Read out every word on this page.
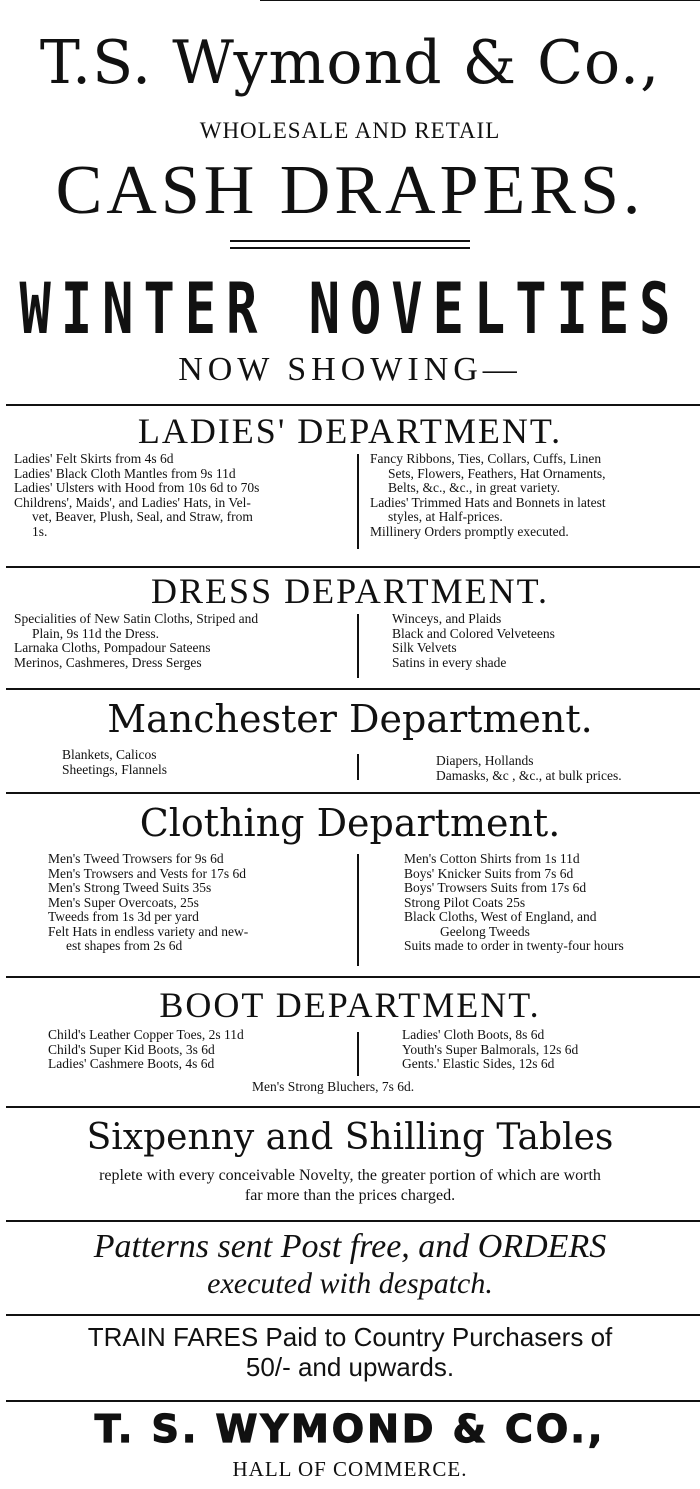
T.S. Wymond & Co.,
WHOLESALE AND RETAIL
CASH DRAPERS.
WINTER NOVELTIES
NOW SHOWING—
LADIES' DEPARTMENT.
Ladies' Felt Skirts from 4s 6d
Ladies' Black Cloth Mantles from 9s 11d
Ladies' Ulsters with Hood from 10s 6d to 70s
Childrens', Maids', and Ladies' Hats, in Vel-
vet, Beaver, Plush, Seal, and Straw, from
1s.
Fancy Ribbons, Ties, Collars, Cuffs, Linen
Sets, Flowers, Feathers, Hat Ornaments,
Belts, &c., &c., in great variety.
Ladies' Trimmed Hats and Bonnets in latest
styles, at Half-prices.
Millinery Orders promptly executed.
DRESS DEPARTMENT.
Specialities of New Satin Cloths, Striped and
Plain, 9s 11d the Dress.
Larnaka Cloths, Pompadour Sateens
Merinos, Cashmeres, Dress Serges
Winceys, and Plaids
Black and Colored Velveteens
Silk Velvets
Satins in every shade
Manchester Department.
Blankets, Calicos
Sheetings, Flannels
Diapers, Hollands
Damasks, &c , &c., at bulk prices.
Clothing Department.
Men's Tweed Trowsers for 9s 6d
Men's Trowsers and Vests for 17s 6d
Men's Strong Tweed Suits 35s
Men's Super Overcoats, 25s
Tweeds from 1s 3d per yard
Felt Hats in endless variety and new-
est shapes from 2s 6d
Men's Cotton Shirts from 1s 11d
Boys' Knicker Suits from 7s 6d
Boys' Trowsers Suits from 17s 6d
Strong Pilot Coats 25s
Black Cloths, West of England, and
Geelong Tweeds
Suits made to order in twenty-four hours
BOOT DEPARTMENT.
Child's Leather Copper Toes, 2s 11d
Child's Super Kid Boots, 3s 6d
Ladies' Cashmere Boots, 4s 6d
Ladies' Cloth Boots, 8s 6d
Youth's Super Balmorals, 12s 6d
Gents.' Elastic Sides, 12s 6d
Men's Strong Bluchers, 7s 6d.
Sixpenny and Shilling Tables
replete with every conceivable Novelty, the greater portion of which are worth
far more than the prices charged.
Patterns sent Post free, and ORDERS
executed with despatch.
TRAIN FARES Paid to Country Purchasers of
50/- and upwards.
T. S. WYMOND & CO.,
HALL OF COMMERCE.
